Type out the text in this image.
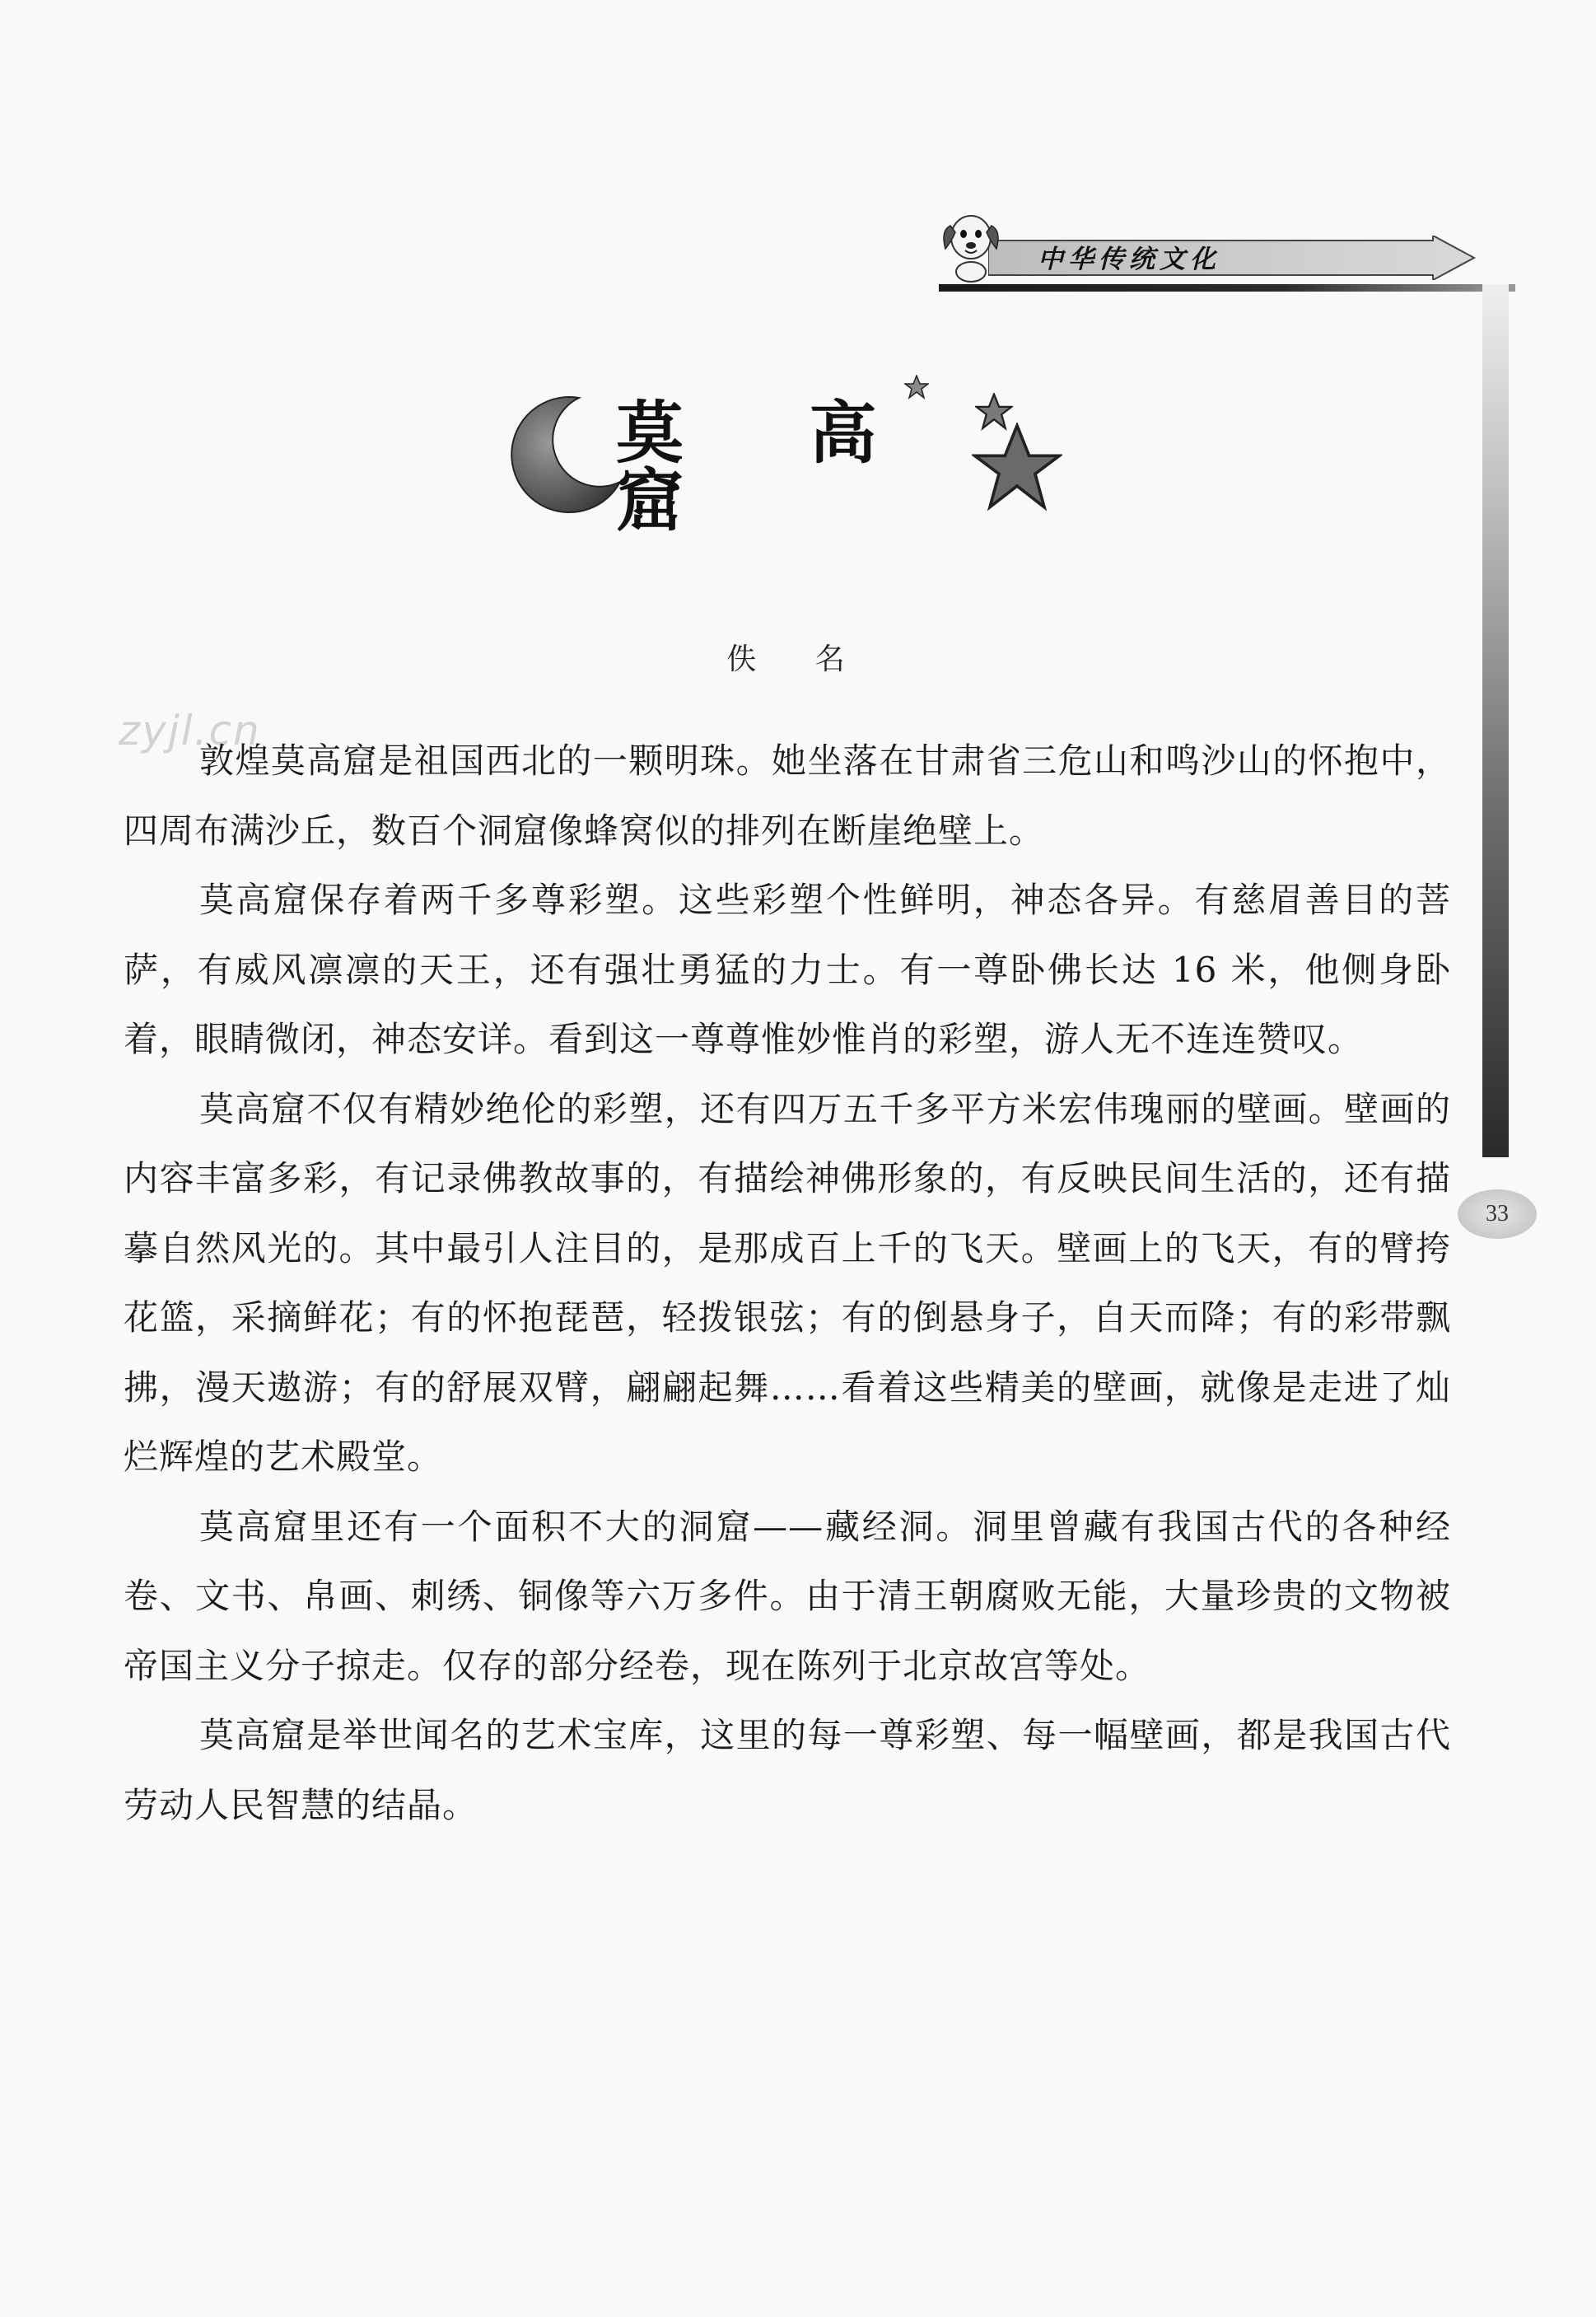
中华传统文化
33
莫 高 窟
佚 名
zyjl.cn

敦煌莫高窟是祖国西北的一颗明珠。她坐落在甘肃省三危山和鸣沙山的怀抱中，四周布满沙丘，数百个洞窟像蜂窝似的排列在断崖绝壁上。

莫高窟保存着两千多尊彩塑。这些彩塑个性鲜明，神态各异。有慈眉善目的菩萨，有威风凛凛的天王，还有强壮勇猛的力士。有一尊卧佛长达 16 米，他侧身卧着，眼睛微闭，神态安详。看到这一尊尊惟妙惟肖的彩塑，游人无不连连赞叹。

莫高窟不仅有精妙绝伦的彩塑，还有四万五千多平方米宏伟瑰丽的壁画。壁画的内容丰富多彩，有记录佛教故事的，有描绘神佛形象的，有反映民间生活的，还有描摹自然风光的。其中最引人注目的，是那成百上千的飞天。壁画上的飞天，有的臂挎花篮，采摘鲜花；有的怀抱琵琶，轻拨银弦；有的倒悬身子，自天而降；有的彩带飘拂，漫天遨游；有的舒展双臂，翩翩起舞……看着这些精美的壁画，就像是走进了灿烂辉煌的艺术殿堂。

莫高窟里还有一个面积不大的洞窟——藏经洞。洞里曾藏有我国古代的各种经卷、文书、帛画、刺绣、铜像等六万多件。由于清王朝腐败无能，大量珍贵的文物被帝国主义分子掠走。仅存的部分经卷，现在陈列于北京故宫等处。

莫高窟是举世闻名的艺术宝库，这里的每一尊彩塑、每一幅壁画，都是我国古代劳动人民智慧的结晶。
